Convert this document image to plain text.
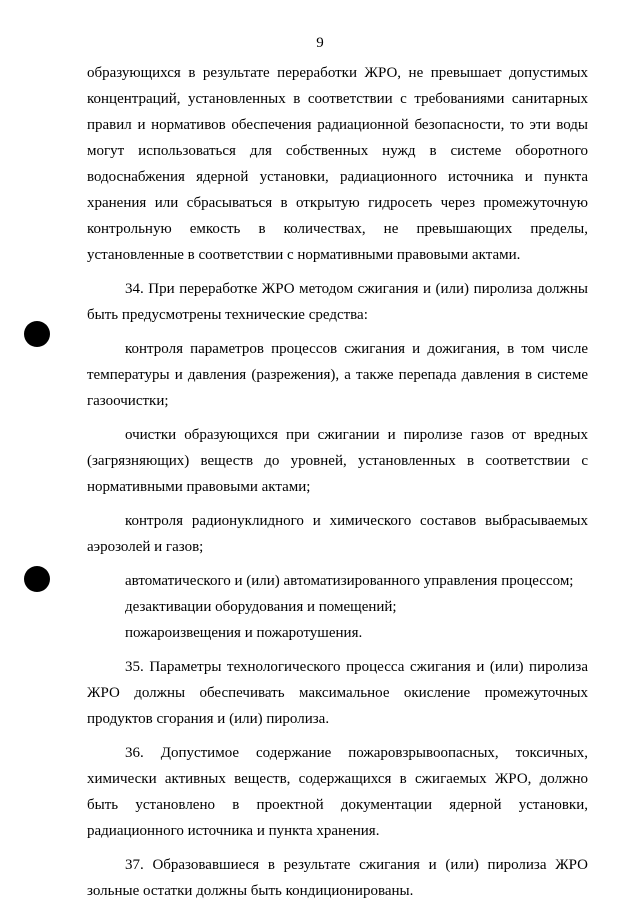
9
образующихся в результате переработки ЖРО, не превышает допустимых
концентраций, установленных в соответствии с требованиями санитарных
правил и нормативов обеспечения радиационной безопасности, то эти воды
могут использоваться для собственных нужд в системе оборотного
водоснабжения ядерной установки, радиационного источника и пункта
хранения или сбрасываться в открытую гидросеть через промежуточную
контрольную емкость в количествах, не превышающих пределы,
установленные в соответствии с нормативными правовыми актами.
34. При переработке ЖРО методом сжигания и (или) пиролиза должны
быть предусмотрены технические средства:
контроля параметров процессов сжигания и дожигания, в том числе
температуры и давления (разрежения), а также перепада давления в системе
газоочистки;
очистки образующихся при сжигании и пиролизе газов от вредных
(загрязняющих) веществ до уровней, установленных в соответствии с
нормативными правовыми актами;
контроля радионуклидного и химического составов выбрасываемых
аэрозолей и газов;
автоматического и (или) автоматизированного управления процессом;
дезактивации оборудования и помещений;
пожароизвещения и пожаротушения.
35. Параметры технологического процесса сжигания и (или) пиролиза
ЖРО должны обеспечивать максимальное окисление промежуточных
продуктов сгорания и (или) пиролиза.
36. Допустимое содержание пожаровзрывоопасных, токсичных,
химически активных веществ, содержащихся в сжигаемых ЖРО, должно
быть установлено в проектной документации ядерной установки,
радиационного источника и пункта хранения.
37. Образовавшиеся в результате сжигания и (или) пиролиза ЖРО
зольные остатки должны быть кондиционированы.
